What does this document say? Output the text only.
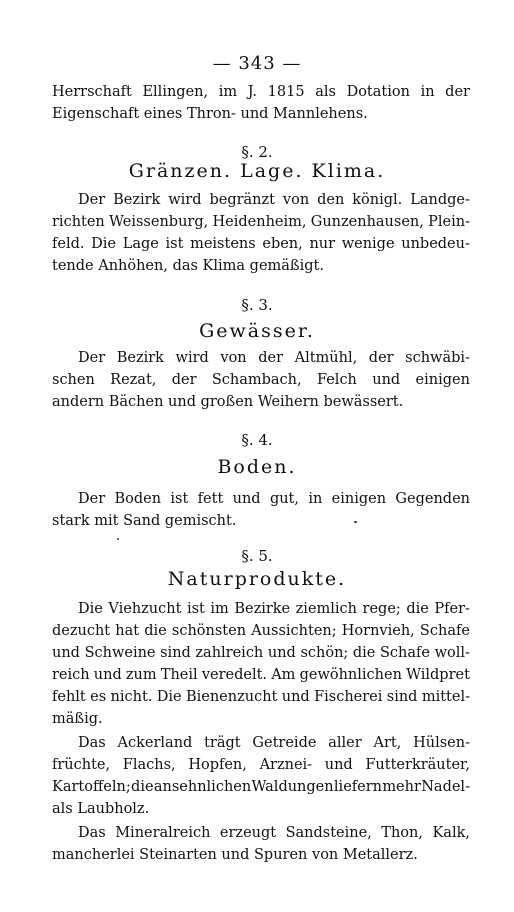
— 343 —
Herrschaft Ellingen, im J. 1815 als Dotation in der
Eigenschaft eines Thron- und Mannlehens.
§. 2.
Gränzen. Lage. Klima.
Der Bezirk wird begränzt von den königl. Landge-
richten Weissenburg, Heidenheim, Gunzenhausen, Plein-
feld. Die Lage ist meistens eben, nur wenige unbedeu-
tende Anhöhen, das Klima gemäßigt.
§. 3.
Gewässer.
Der Bezirk wird von der Altmühl, der schwäbi-
schen Rezat, der Schambach, Felch und einigen
andern Bächen und großen Weihern bewässert.
§. 4.
Boden.
Der Boden ist fett und gut, in einigen Gegenden
stark mit Sand gemischt.
§. 5.
Naturprodukte.
Die Viehzucht ist im Bezirke ziemlich rege; die Pfer-
dezucht hat die schönsten Aussichten; Hornvieh, Schafe
und Schweine sind zahlreich und schön; die Schafe woll-
reich und zum Theil veredelt. Am gewöhnlichen Wildpret
fehlt es nicht. Die Bienenzucht und Fischerei sind mittel-
mäßig.
Das Ackerland trägt Getreide aller Art, Hülsen-
früchte, Flachs, Hopfen, Arznei- und Futterkräuter,
Kartoffeln; die ansehnlichen Waldungen liefern mehr Nadel-
als Laubholz.
Das Mineralreich erzeugt Sandsteine, Thon, Kalk,
mancherlei Steinarten und Spuren von Metallerz.
